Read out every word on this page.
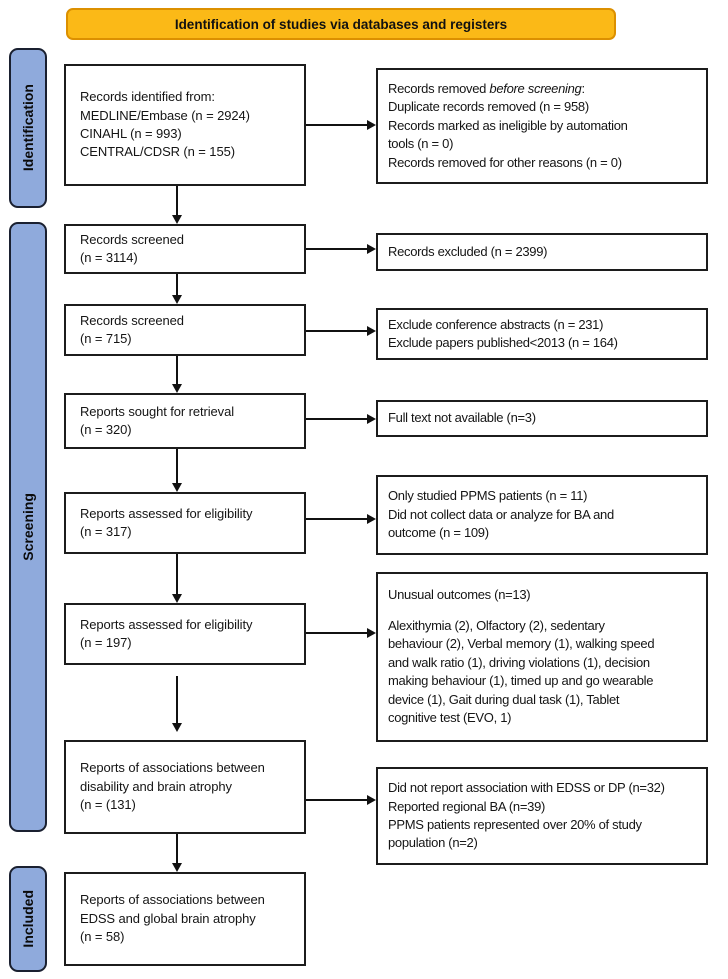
Identification of studies via databases and registers
Identification
Screening
Included
Records identified from:
MEDLINE/Embase (n = 2924)
CINAHL (n = 993)
CENTRAL/CDSR (n = 155)
Records screened
(n = 3114)
Records screened
(n = 715)
Reports sought for retrieval
(n = 320)
Reports assessed for eligibility
(n = 317)
Reports assessed for eligibility
(n = 197)
Reports of associations between
disability and brain atrophy
(n = (131)
Reports of associations between
EDSS and global brain atrophy
(n = 58)
Records removed before screening:
Duplicate records removed (n = 958)
Records marked as ineligible by automation
tools (n = 0)
Records removed for other reasons (n = 0)
Records excluded (n = 2399)
Exclude conference abstracts (n = 231)
Exclude papers published<2013 (n = 164)
Full text not available (n=3)
Only studied PPMS patients (n = 11)
Did not collect data or analyze for BA and
outcome (n = 109)
Unusual outcomes (n=13)
Alexithymia (2), Olfactory (2), sedentary
behaviour (2), Verbal memory (1), walking speed
and walk ratio (1), driving violations (1), decision
making behaviour (1), timed up and go wearable
device (1), Gait during dual task (1), Tablet
cognitive test (EVO, 1)
Did not report association with EDSS or DP (n=32)
Reported regional BA (n=39)
PPMS patients represented over 20% of study
population (n=2)
